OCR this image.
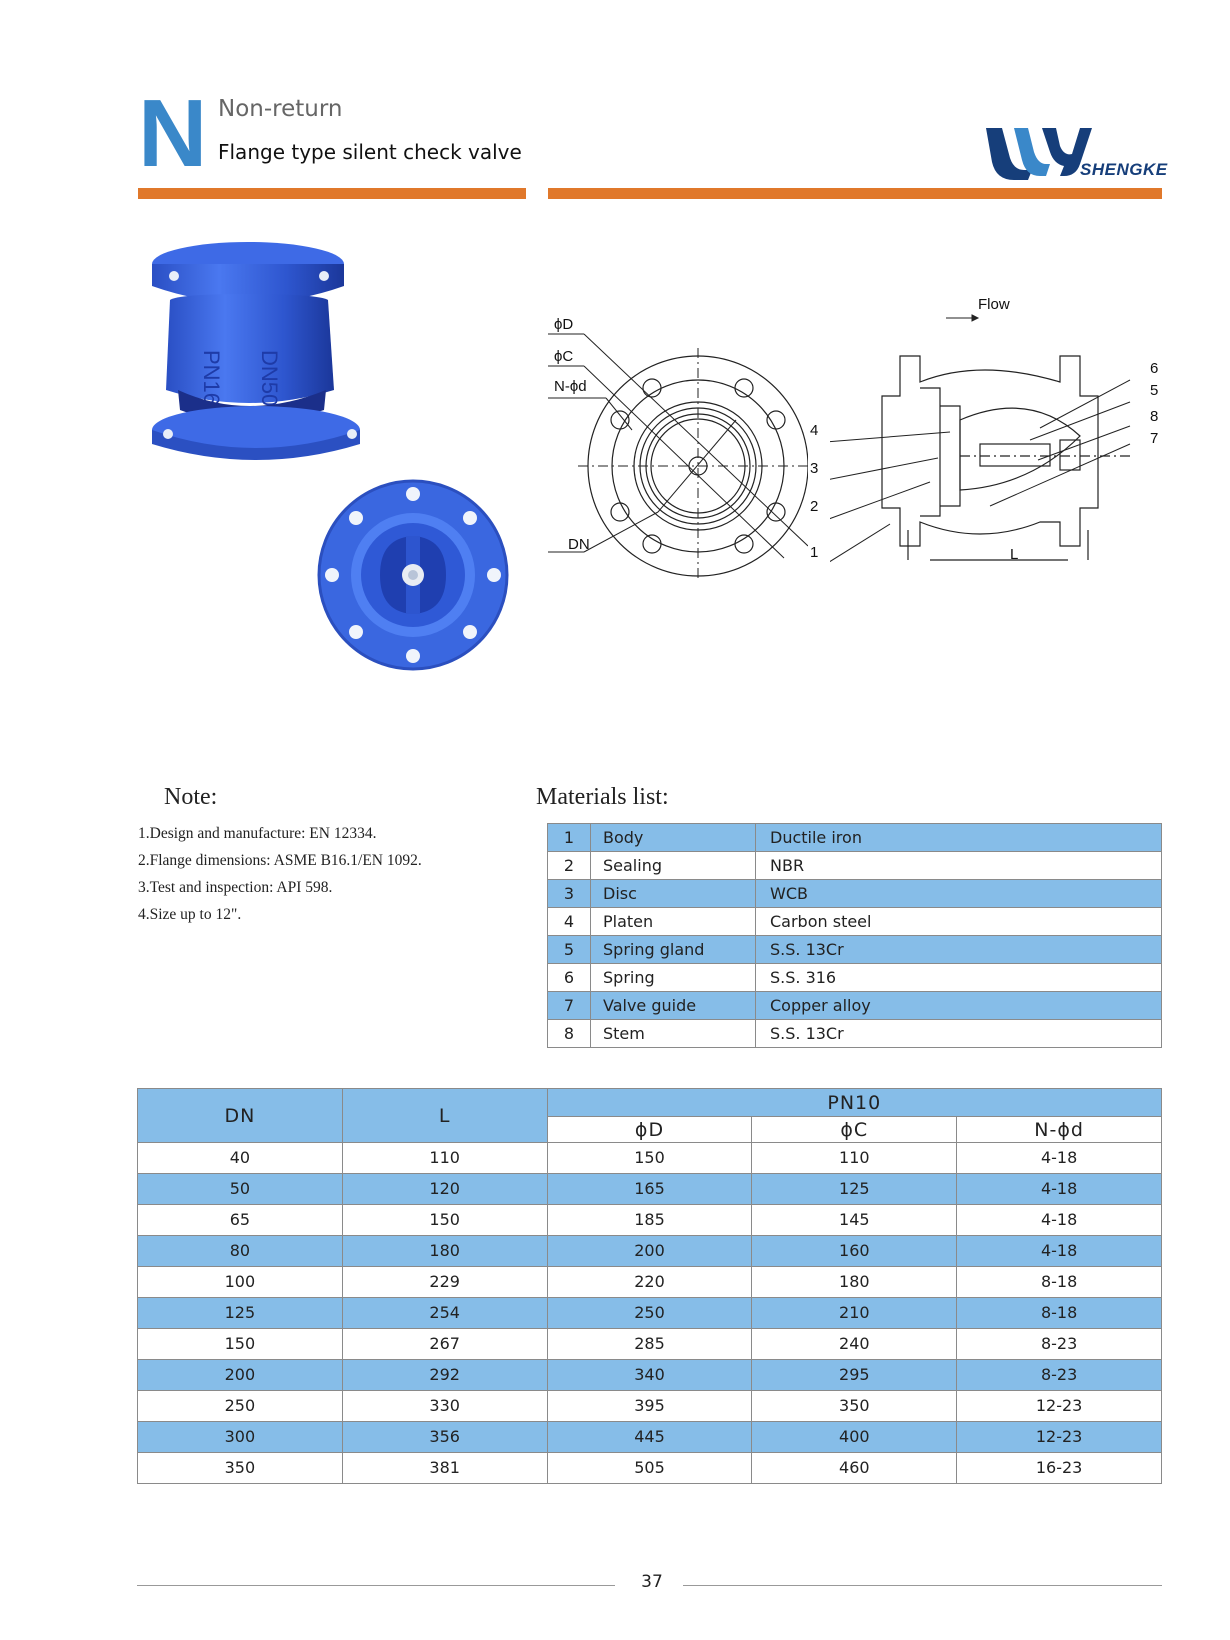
N Non-return
Flange type silent check valve
SHENGKE
PN16 DN50
ϕD
ϕC
N-ϕd
DN
Flow
L
1
2
3
4
5
6
7
8
Note:
1.Design and manufacture: EN 12334.
2.Flange dimensions: ASME B16.1/EN 1092.
3.Test and inspection: API 598.
4.Size up to 12".
Materials list:
1	Body	Ductile iron
2	Sealing	NBR
3	Disc	WCB
4	Platen	Carbon steel
5	Spring gland	S.S. 13Cr
6	Spring	S.S. 316
7	Valve guide	Copper alloy
8	Stem	S.S. 13Cr
DN	L	PN10		
		ϕD	ϕC	N-ϕd
40	110	150	110	4-18
50	120	165	125	4-18
65	150	185	145	4-18
80	180	200	160	4-18
100	229	220	180	8-18
125	254	250	210	8-18
150	267	285	240	8-23
200	292	340	295	8-23
250	330	395	350	12-23
300	356	445	400	12-23
350	381	505	460	16-23
37
